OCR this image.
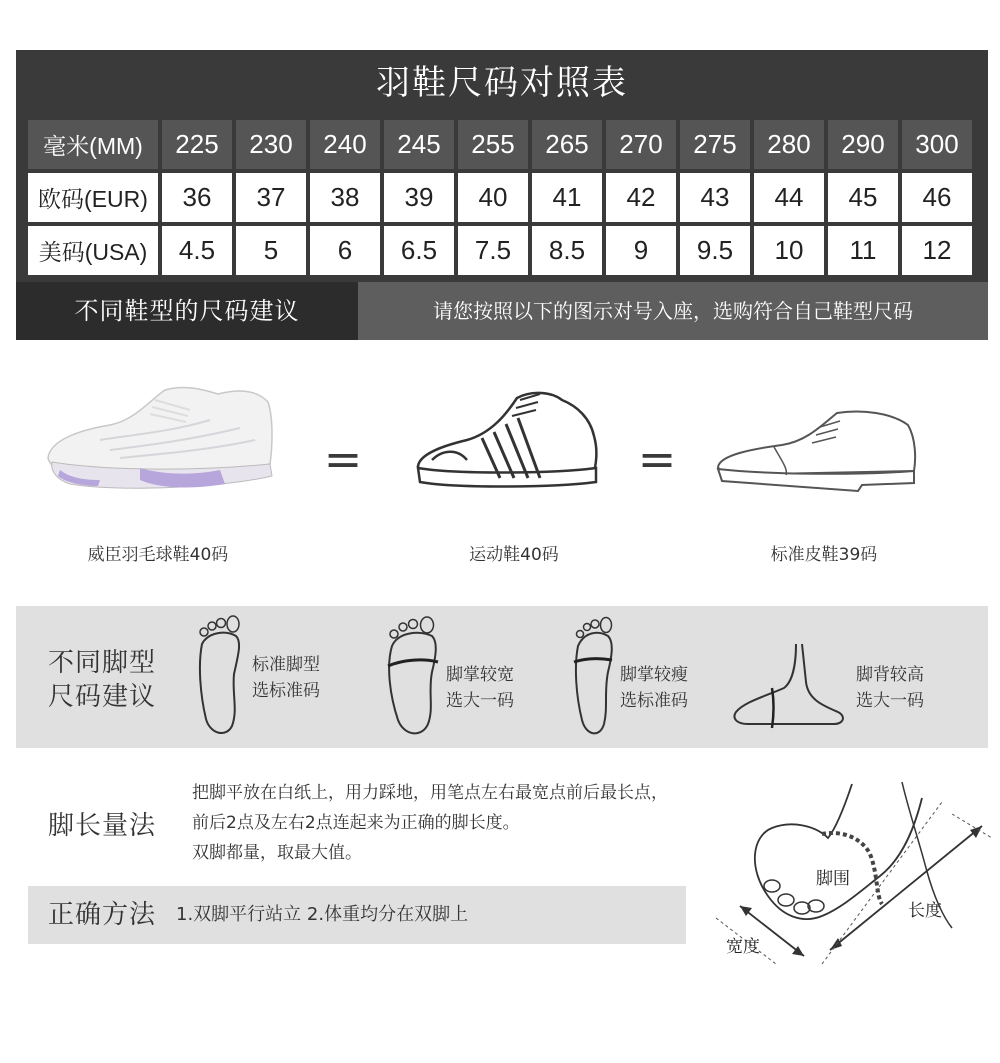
羽鞋尺码对照表
毫米(MM)	225	230	240	245	255	265	270	275	280	290	300
欧码(EUR)	36	37	38	39	40	41	42	43	44	45	46
美码(USA)	4.5	5	6	6.5	7.5	8.5	9	9.5	10	11	12
不同鞋型的尺码建议	请您按照以下的图示对号入座，选购符合自己鞋型尺码
=	=
威臣羽毛球鞋40码	运动鞋40码	标准皮鞋39码
不同脚型
尺码建议
标准脚型
选标准码
脚掌较宽
选大一码
脚掌较瘦
选标准码
脚背较高
选大一码
脚长量法
把脚平放在白纸上，用力踩地，用笔点左右最宽点前后最长点，
前后2点及左右2点连起来为正确的脚长度。
双脚都量，取最大值。
正确方法 1.双脚平行站立 2.体重均分在双脚上
脚围
长度
宽度
